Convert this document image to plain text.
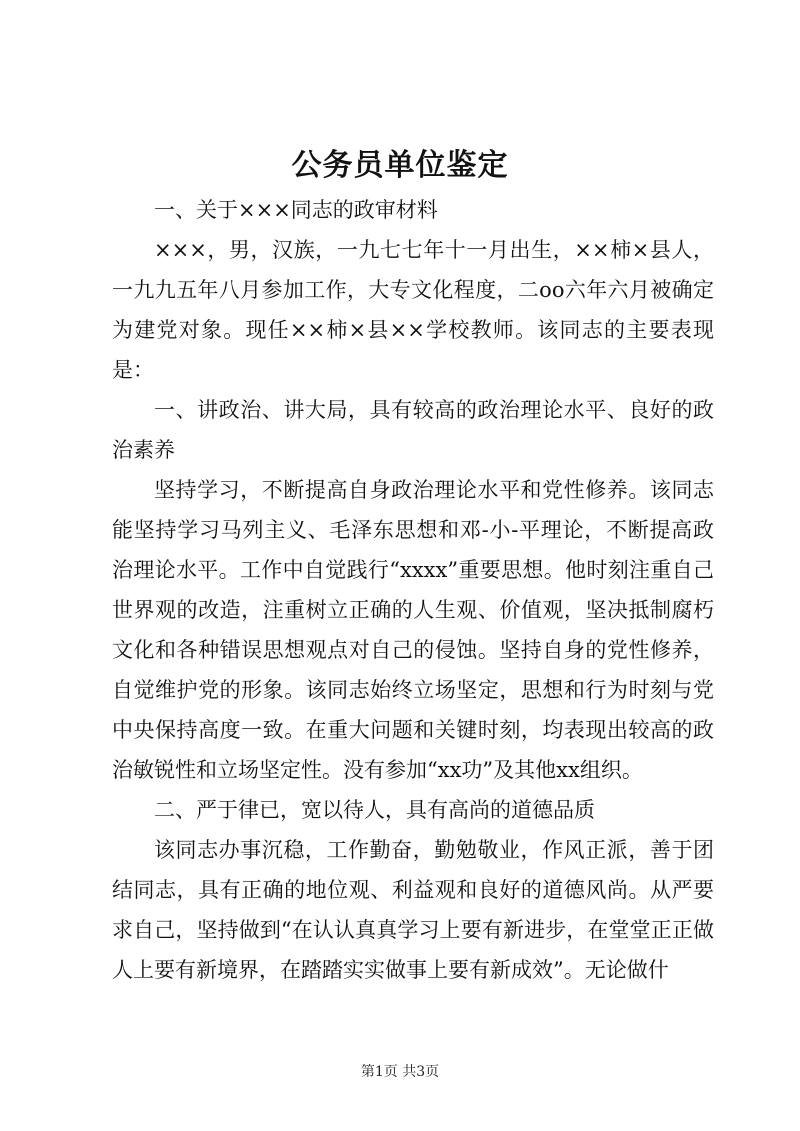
公务员单位鉴定

一、关于×××同志的政审材料

×××，男，汉族，一九七七年十一月出生，××柿×县人，一九九五年八月参加工作，大专文化程度，二oo六年六月被确定为建党对象。现任××柿×县××学校教师。该同志的主要表现是：

一、讲政治、讲大局，具有较高的政治理论水平、良好的政治素养

坚持学习，不断提高自身政治理论水平和党性修养。该同志能坚持学习马列主义、毛泽东思想和邓-小-平理论，不断提高政治理论水平。工作中自觉践行“xxxx”重要思想。他时刻注重自己世界观的改造，注重树立正确的人生观、价值观，坚决抵制腐朽文化和各种错误思想观点对自己的侵蚀。坚持自身的党性修养，自觉维护党的形象。该同志始终立场坚定，思想和行为时刻与党中央保持高度一致。在重大问题和关键时刻，均表现出较高的政治敏锐性和立场坚定性。没有参加“xx功”及其他xx组织。

二、严于律已，宽以待人，具有高尚的道德品质

该同志办事沉稳，工作勤奋，勤勉敬业，作风正派，善于团结同志，具有正确的地位观、利益观和良好的道德风尚。从严要求自己，坚持做到“在认认真真学习上要有新进步，在堂堂正正做人上要有新境界，在踏踏实实做事上要有新成效”。无论做什

第1页 共3页
